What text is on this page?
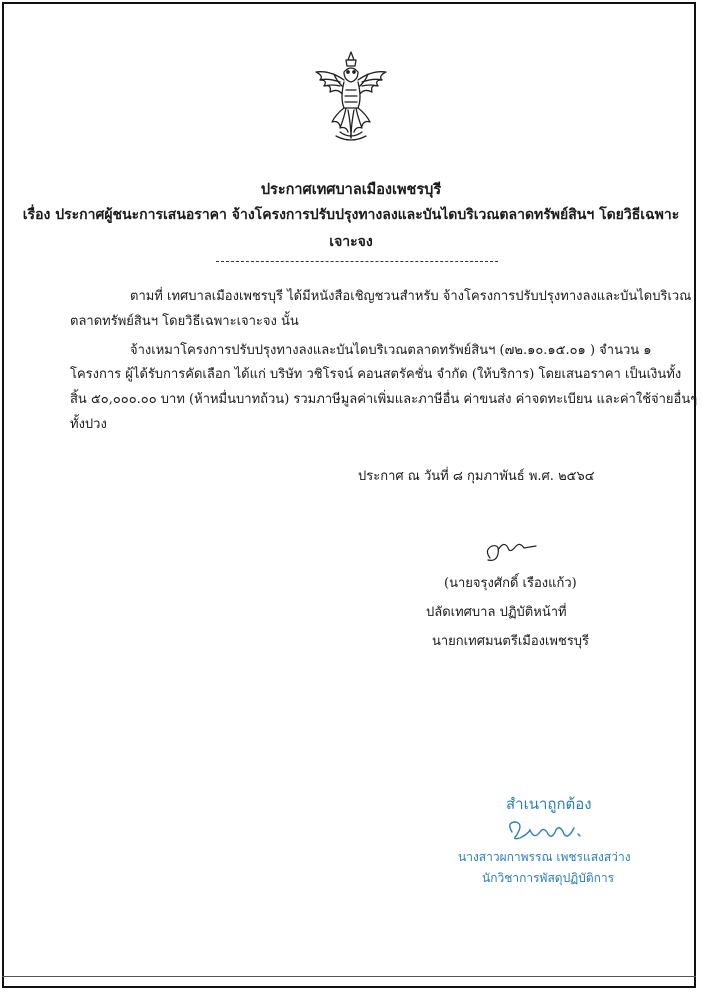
ประกาศเทศบาลเมืองเพชรบุรี
เรื่อง ประกาศผู้ชนะการเสนอราคา จ้างโครงการปรับปรุงทางลงและบันไดบริเวณตลาดทรัพย์สินฯ โดยวิธีเฉพาะ
เจาะจง
ตามที่ เทศบาลเมืองเพชรบุรี ได้มีหนังสือเชิญชวนสำหรับ จ้างโครงการปรับปรุงทางลงและบันไดบริเวณ
ตลาดทรัพย์สินฯ โดยวิธีเฉพาะเจาะจง นั้น
จ้างเหมาโครงการปรับปรุงทางลงและบันไดบริเวณตลาดทรัพย์สินฯ (๗๒.๑๐.๑๕.๐๑ ) จำนวน ๑
โครงการ ผู้ได้รับการคัดเลือก ได้แก่ บริษัท วชิโรจน์ คอนสตรัคชั่น จำกัด (ให้บริการ) โดยเสนอราคา เป็นเงินทั้ง
สิ้น ๕๐,๐๐๐.๐๐ บาท (ห้าหมื่นบาทถ้วน) รวมภาษีมูลค่าเพิ่มและภาษีอื่น ค่าขนส่ง ค่าจดทะเบียน และค่าใช้จ่ายอื่นๆ
ทั้งปวง
ประกาศ ณ วันที่ ๘ กุมภาพันธ์ พ.ศ. ๒๕๖๔
(นายจรุงศักดิ์ เรืองแก้ว)
ปลัดเทศบาล ปฏิบัติหน้าที่
นายกเทศมนตรีเมืองเพชรบุรี
สำเนาถูกต้อง
นางสาวผกาพรรณ เพชรแสงสว่าง
นักวิชาการพัสดุปฏิบัติการ
